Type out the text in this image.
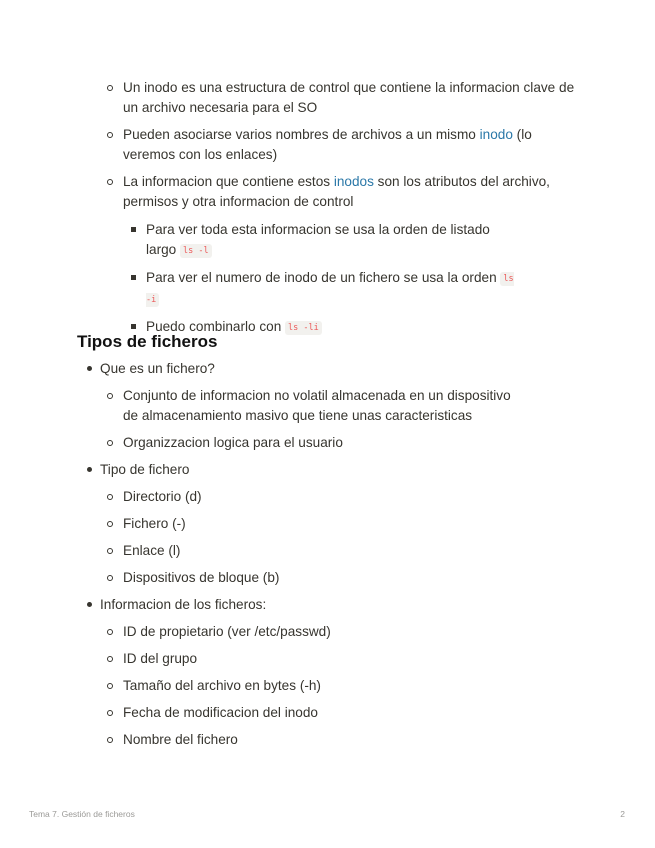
Un inodo es una estructura de control que contiene la informacion clave de un archivo necesaria para el SO
Pueden asociarse varios nombres de archivos a un mismo inodo (lo veremos con los enlaces)
La informacion que contiene estos inodos son los atributos del archivo, permisos y otra informacion de control
Para ver toda esta informacion se usa la orden de listado largo ls -l
Para ver el numero de inodo de un fichero se usa la orden ls -i
Puedo combinarlo con ls -li
Tipos de ficheros
Que es un fichero?
Conjunto de informacion no volatil almacenada en un dispositivo de almacenamiento masivo que tiene unas caracteristicas
Organizzacion logica para el usuario
Tipo de fichero
Directorio (d)
Fichero (-)
Enlace (l)
Dispositivos de bloque (b)
Informacion de los ficheros:
ID de propietario (ver /etc/passwd)
ID del grupo
Tamaño del archivo en bytes (-h)
Fecha de modificacion del inodo
Nombre del fichero
Tema 7. Gestión de ficheros	2
